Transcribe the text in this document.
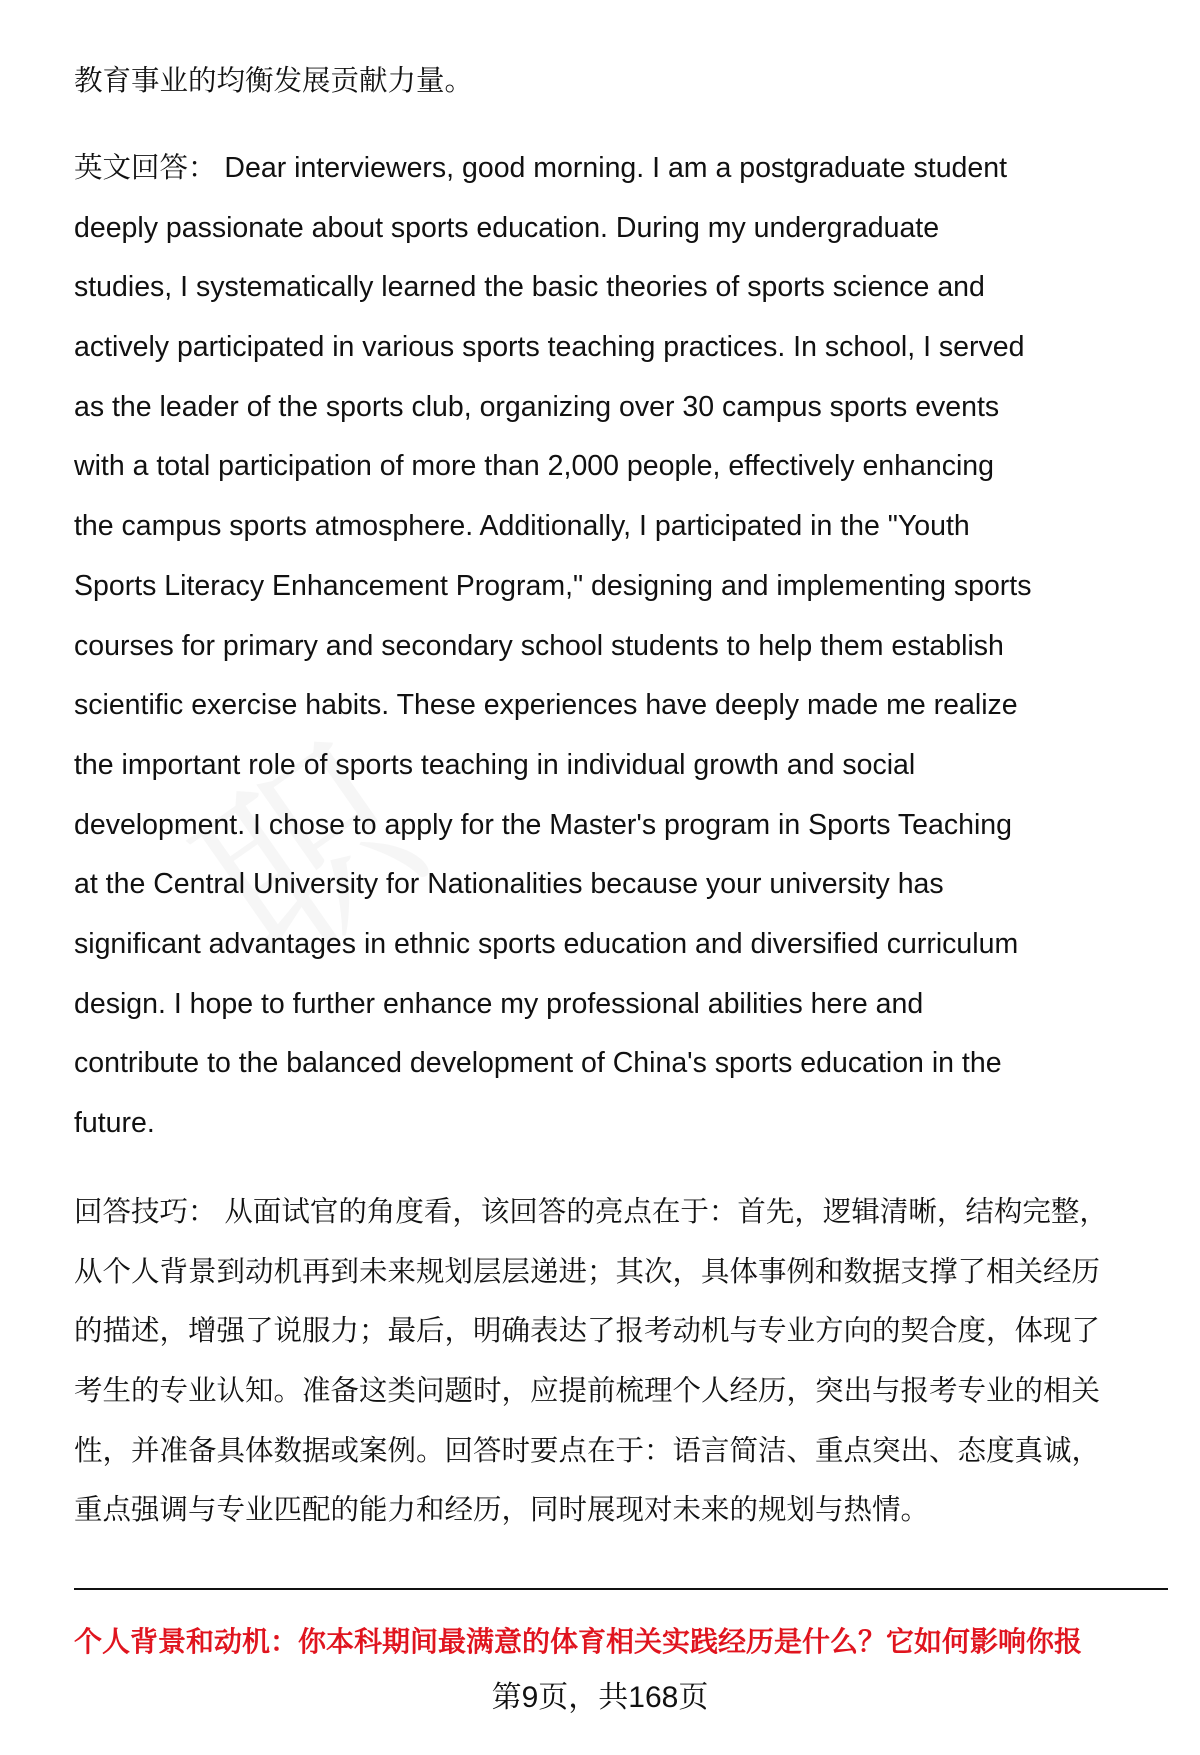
教育事业的均衡发展贡献力量。
英文回答： Dear interviewers, good morning. I am a postgraduate student
deeply passionate about sports education. During my undergraduate
studies, I systematically learned the basic theories of sports science and
actively participated in various sports teaching practices. In school, I served
as the leader of the sports club, organizing over 30 campus sports events
with a total participation of more than 2,000 people, effectively enhancing
the campus sports atmosphere. Additionally, I participated in the "Youth
Sports Literacy Enhancement Program," designing and implementing sports
courses for primary and secondary school students to help them establish
scientific exercise habits. These experiences have deeply made me realize
the important role of sports teaching in individual growth and social
development. I chose to apply for the Master's program in Sports Teaching
at the Central University for Nationalities because your university has
significant advantages in ethnic sports education and diversified curriculum
design. I hope to further enhance my professional abilities here and
contribute to the balanced development of China's sports education in the
future.
回答技巧： 从面试官的角度看，该回答的亮点在于：首先，逻辑清晰，结构完整，
从个人背景到动机再到未来规划层层递进；其次，具体事例和数据支撑了相关经历
的描述，增强了说服力；最后，明确表达了报考动机与专业方向的契合度，体现了
考生的专业认知。准备这类问题时，应提前梳理个人经历，突出与报考专业的相关
性，并准备具体数据或案例。回答时要点在于：语言简洁、重点突出、态度真诚，
重点强调与专业匹配的能力和经历，同时展现对未来的规划与热情。
个人背景和动机：你本科期间最满意的体育相关实践经历是什么？它如何影响你报
第9页，共168页
